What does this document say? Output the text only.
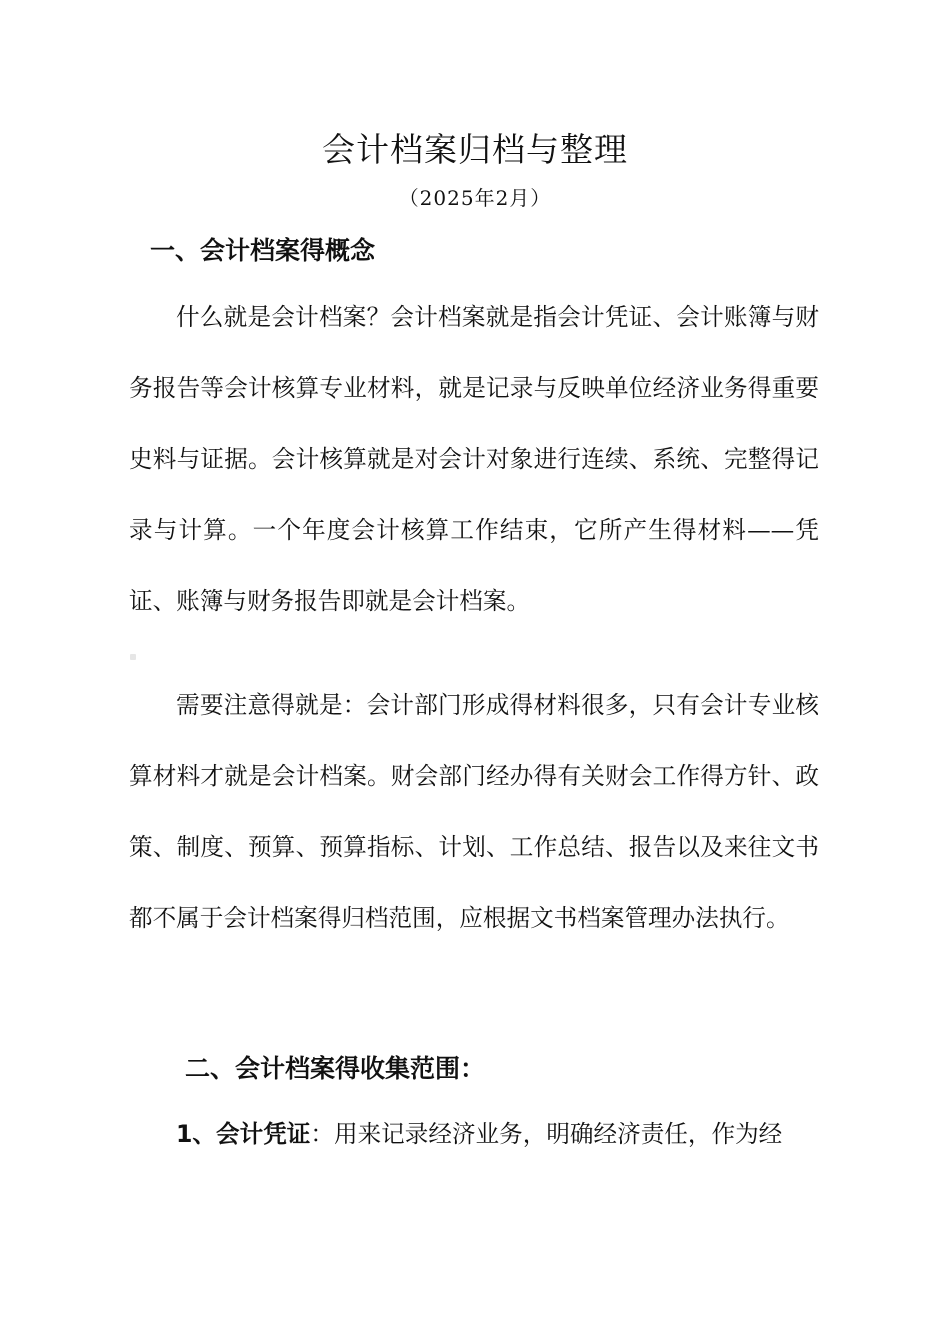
会计档案归档与整理
（2025年2月）
一、会计档案得概念

什么就是会计档案？会计档案就是指会计凭证、会计账簿与财务报告等会计核算专业材料，就是记录与反映单位经济业务得重要史料与证据。会计核算就是对会计对象进行连续、系统、完整得记录与计算。一个年度会计核算工作结束，它所产生得材料——凭证、账簿与财务报告即就是会计档案。

需要注意得就是：会计部门形成得材料很多，只有会计专业核算材料才就是会计档案。财会部门经办得有关财会工作得方针、政策、制度、预算、预算指标、计划、工作总结、报告以及来往文书都不属于会计档案得归档范围，应根据文书档案管理办法执行。

二、会计档案得收集范围：

1、会计凭证：用来记录经济业务，明确经济责任，作为经
